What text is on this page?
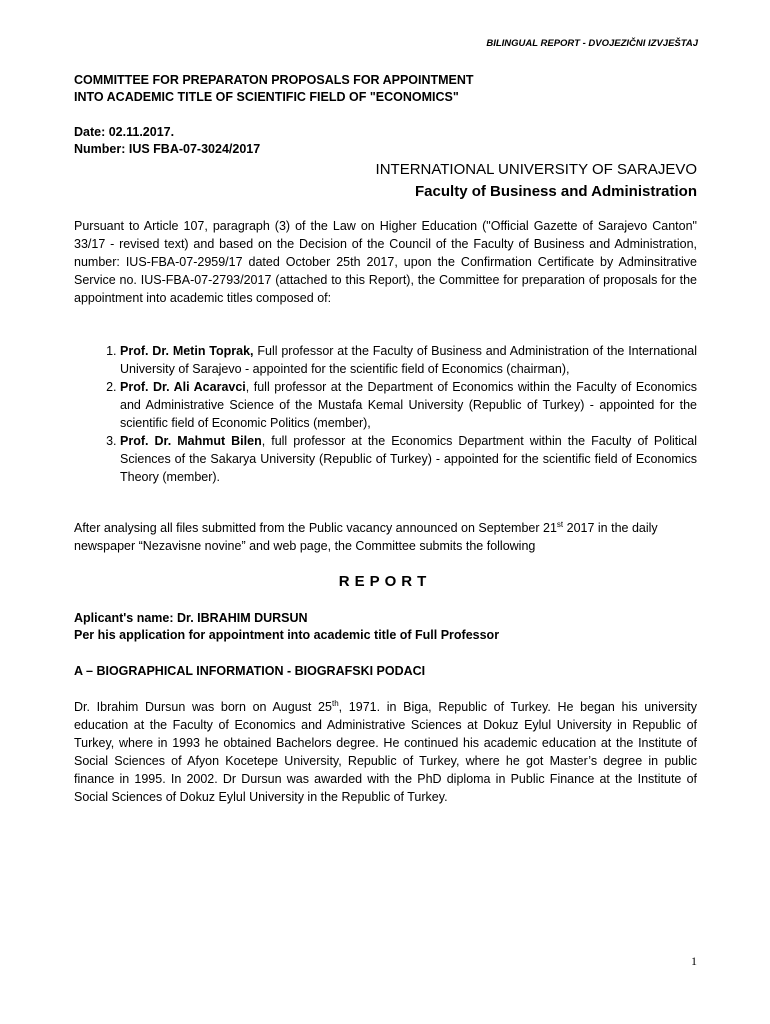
BILINGUAL REPORT - DVOJEZIČNI IZVJEŠTAJ
COMMITTEE FOR PREPARATON PROPOSALS FOR APPOINTMENT
INTO ACADEMIC TITLE OF SCIENTIFIC FIELD OF "ECONOMICS"
Date: 02.11.2017.
Number: IUS FBA-07-3024/2017
INTERNATIONAL UNIVERSITY OF SARAJEVO
Faculty of Business and Administration
Pursuant to Article 107, paragraph (3) of the Law on Higher Education ("Official Gazette of Sarajevo Canton" 33/17 - revised text) and based on the Decision of the Council of the Faculty of Business and Administration, number: IUS-FBA-07-2959/17 dated October 25th 2017, upon the Confirmation Certificate by Adminsitrative Service no. IUS-FBA-07-2793/2017 (attached to this Report), the Committee for preparation of proposals for the appointment into academic titles composed of:
1. Prof. Dr. Metin Toprak, Full professor at the Faculty of Business and Administration of the International University of Sarajevo - appointed for the scientific field of Economics (chairman),
2. Prof. Dr. Ali Acaravci, full professor at the Department of Economics within the Faculty of Economics and Administrative Science of the Mustafa Kemal University (Republic of Turkey) - appointed for the scientific field of Economic Politics (member),
3. Prof. Dr. Mahmut Bilen, full professor at the Economics Department within the Faculty of Political Sciences of the Sakarya University (Republic of Turkey) - appointed for the scientific field of Economics Theory (member).
After analysing all files submitted from the Public vacancy announced on September 21st 2017 in the daily newspaper “Nezavisne novine” and web page, the Committee submits the following
REPORT
Aplicant's name: Dr. IBRAHIM DURSUN
Per his application for appointment into academic title of Full Professor
A – BIOGRAPHICAL INFORMATION - BIOGRAFSKI PODACI
Dr. Ibrahim Dursun was born on August 25th, 1971. in Biga, Republic of Turkey. He began his university education at the Faculty of Economics and Administrative Sciences at Dokuz Eylul University in Republic of Turkey, where in 1993 he obtained Bachelors degree. He continued his academic education at the Institute of Social Sciences of Afyon Kocetepe University, Republic of Turkey, where he got Master’s degree in public finance in 1995. In 2002. Dr Dursun was awarded with the PhD diploma in Public Finance at the Institute of Social Sciences of Dokuz Eylul University in the Republic of Turkey.
1
